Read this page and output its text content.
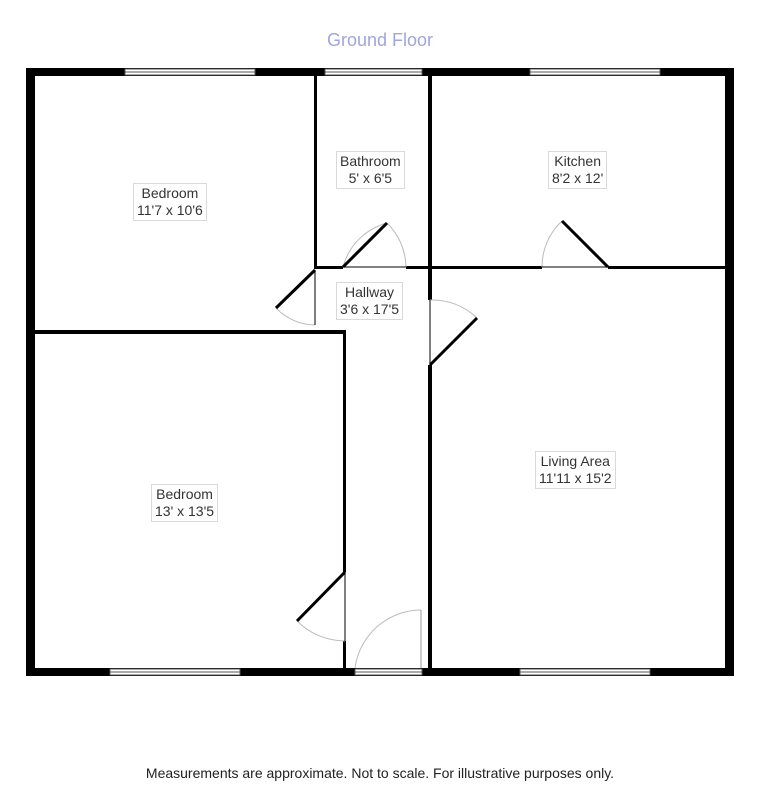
Ground Floor
Bedroom
11'7 x 10'6
Bathroom
5' x 6'5
Kitchen
8'2 x 12'
Hallway
3'6 x 17'5
Bedroom
13' x 13'5
Living Area
11'11 x 15'2
Measurements are approximate. Not to scale. For illustrative purposes only.
